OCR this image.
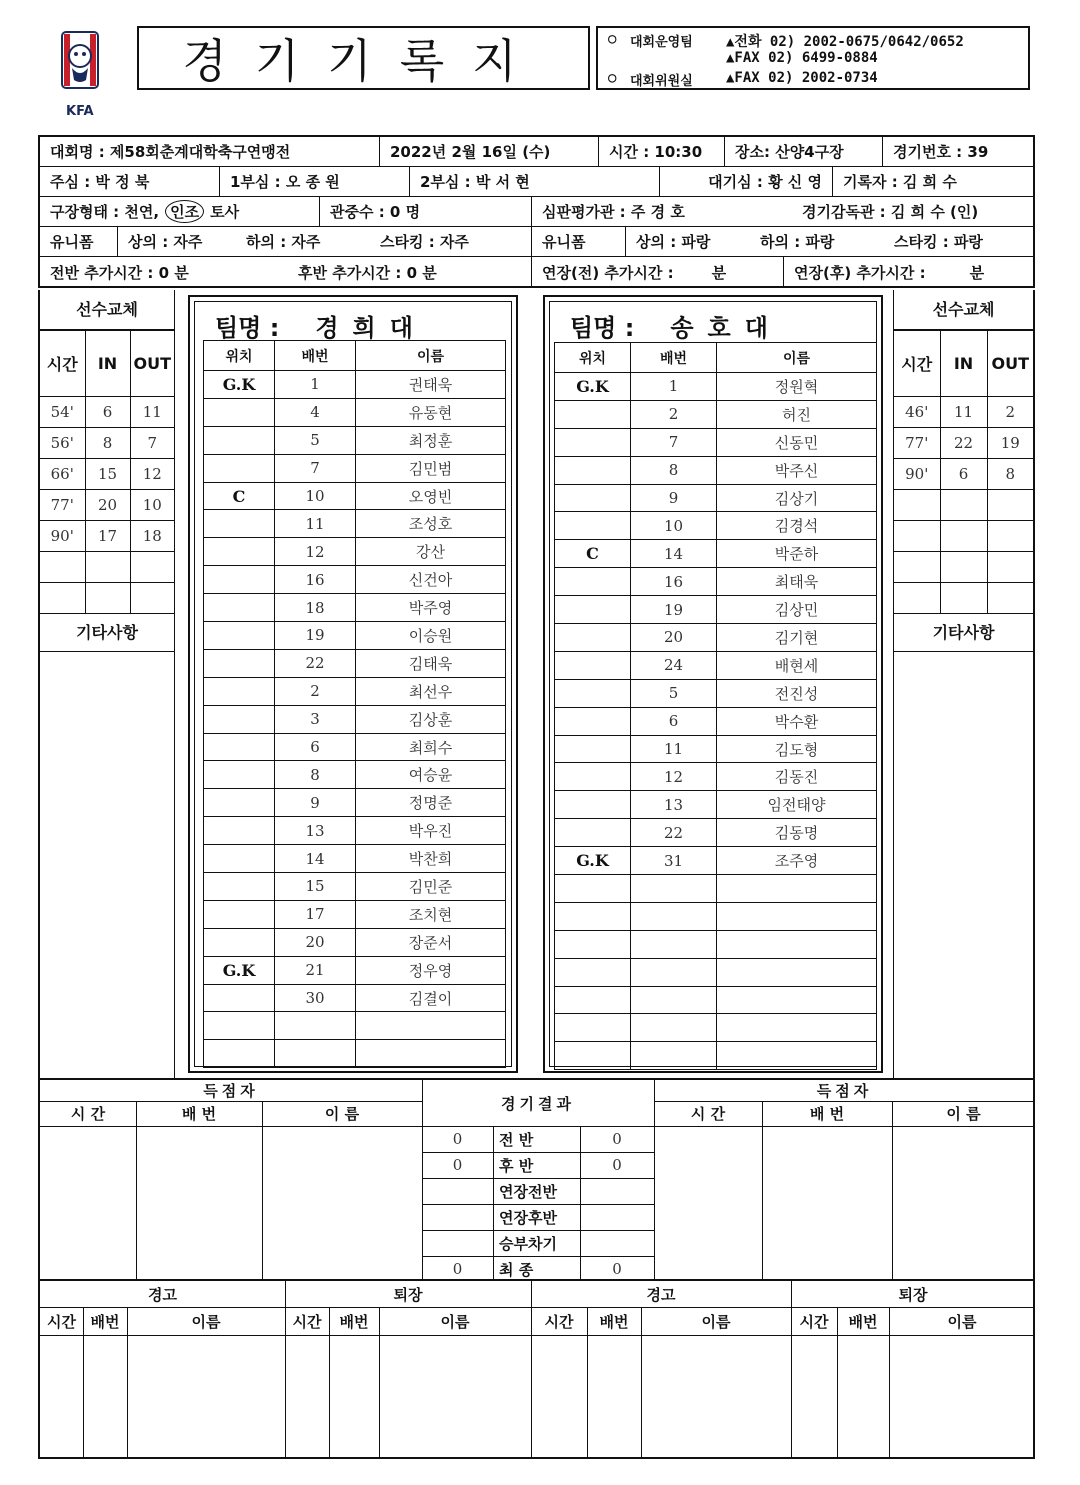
KFA
경기기록지	○ 대회운영팀 ▲전화 02) 2002-0675/0642/0652
▲FAX 02) 6499-0884
○ 대회위원실 ▲FAX 02) 2002-0734
대회명 : 제58회춘계대학축구연맹전	2022년 2월 16일 (수)	시간 : 10:30	장소: 산양4구장	경기번호 : 39
주심 : 박 정 북	1부심 : 오 종 원	2부심 : 박 서 현	대기심 : 황 신 영	기록자 : 김 희 수
구장형태 : 천연, 인조 토사	관중수 : 0 명	심판평가관 : 주 경 호	경기감독관 : 김 희 수 (인)
유니폼	상의 : 자주	하의 : 자주	스타킹 : 자주	유니폼	상의 : 파랑	하의 : 파랑	스타킹 : 파랑
전반 추가시간 : 0 분	후반 추가시간 : 0 분	연장(전) 추가시간 :	분	연장(후) 추가시간 :	분
선수교체
시간	IN	OUT
54'	6	11
56'	8	7
66'	15	12
77'	20	10
90'	17	18

기타사항
팀명 : 경희대
위치	배번	이름
G.K	1	권태욱
	4	유동현
	5	최정훈
	7	김민범
C	10	오영빈
	11	조성호
	12	강산
	16	신건아
	18	박주영
	19	이승원
	22	김태욱
	2	최선우
	3	김상훈
	6	최희수
	8	여승윤
	9	정명준
	13	박우진
	14	박찬희
	15	김민준
	17	조치현
	20	장준서
G.K	21	정우영
	30	김결이

팀명 : 송호대
위치	배번	이름
G.K	1	정원혁
	2	허진
	7	신동민
	8	박주신
	9	김상기
	10	김경석
C	14	박준하
	16	최태욱
	19	김상민
	20	김기현
	24	배현세
	5	전진성
	6	박수환
	11	김도형
	12	김동진
	13	임전태양
	22	김동명
G.K	31	조주영

선수교체
시간	IN	OUT
46'	11	2
77'	22	19
90'	6	8

기타사항
득점자
시 간	배 번	이 름
경기결과
득점자
시 간	배 번	이 름
0	전 반	0
0	후 반	0
연장전반
연장후반
승부차기
0	최 종	0
경고	퇴장	경고	퇴장
시간 배번	이름	시간	배번	이름	시간	배번	이름	시간	배번	이름
